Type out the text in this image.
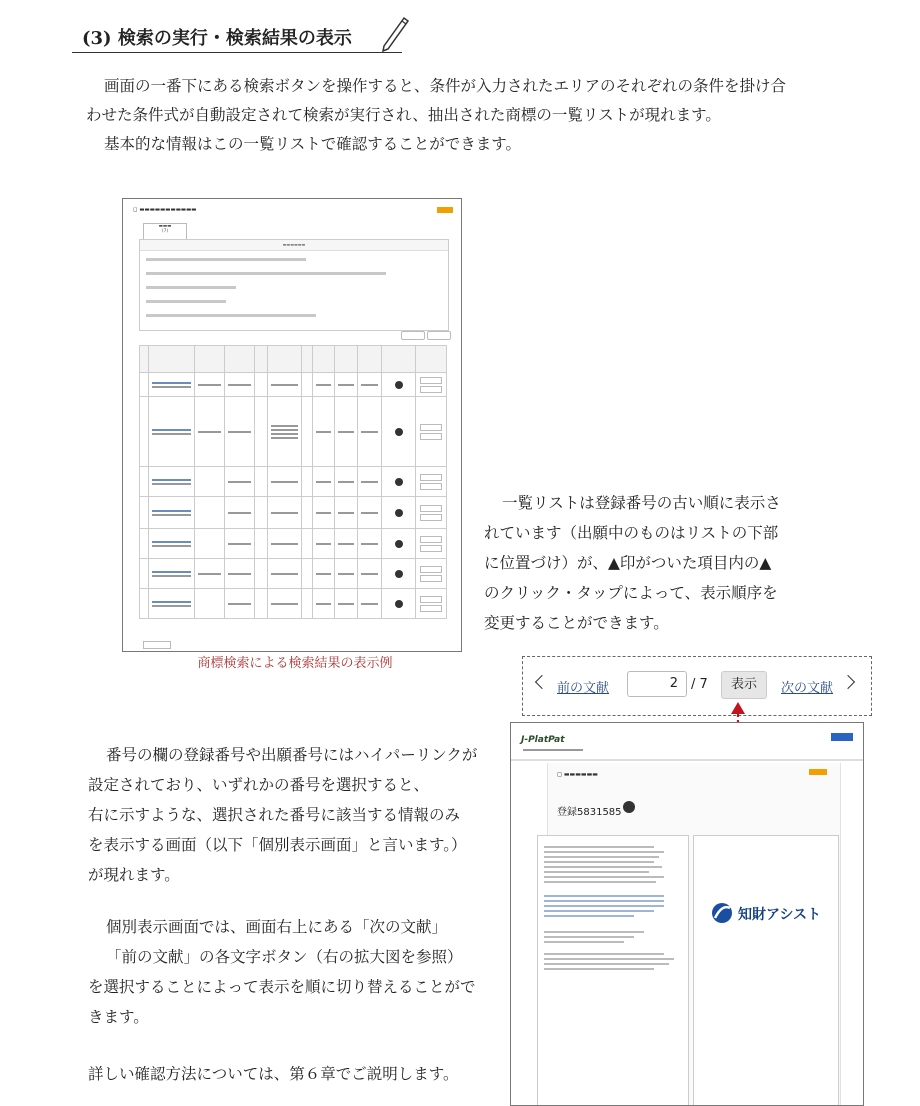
(3) 検索の実行・検索結果の表示
画面の一番下にある検索ボタンを操作すると、条件が入力されたエリアのそれぞれの条件を掛け合
わせた条件式が自動設定されて検索が実行され、抽出された商標の一覧リストが現れます。
基本的な情報はこの一覧リストで確認することができます。
◻ ▬▬▬▬▬▬▬▬▬▬▬
▬▬▬
(7)
▬▬▬▬▬▬

商標検索による検索結果の表示例
一覧リストは登録番号の古い順に表示さ
れています（出願中のものはリストの下部
に位置づけ）が、▲印がついた項目内の▲
のクリック・タップによって、表示順序を
変更することができます。
前の文献	2	/ 7	表示	次の文献
J-PlatPat
◻ ▬▬▬▬▬▬
登録5831585
知財アシスト
番号の欄の登録番号や出願番号にはハイパーリンクが
設定されており、いずれかの番号を選択すると、
右に示すような、選択された番号に該当する情報のみ
を表示する画面（以下「個別表示画面」と言います。）
が現れます。
個別表示画面では、画面右上にある「次の文献」
「前の文献」の各文字ボタン（右の拡大図を参照）
を選択することによって表示を順に切り替えることがで
きます。
詳しい確認方法については、第６章でご説明します。
